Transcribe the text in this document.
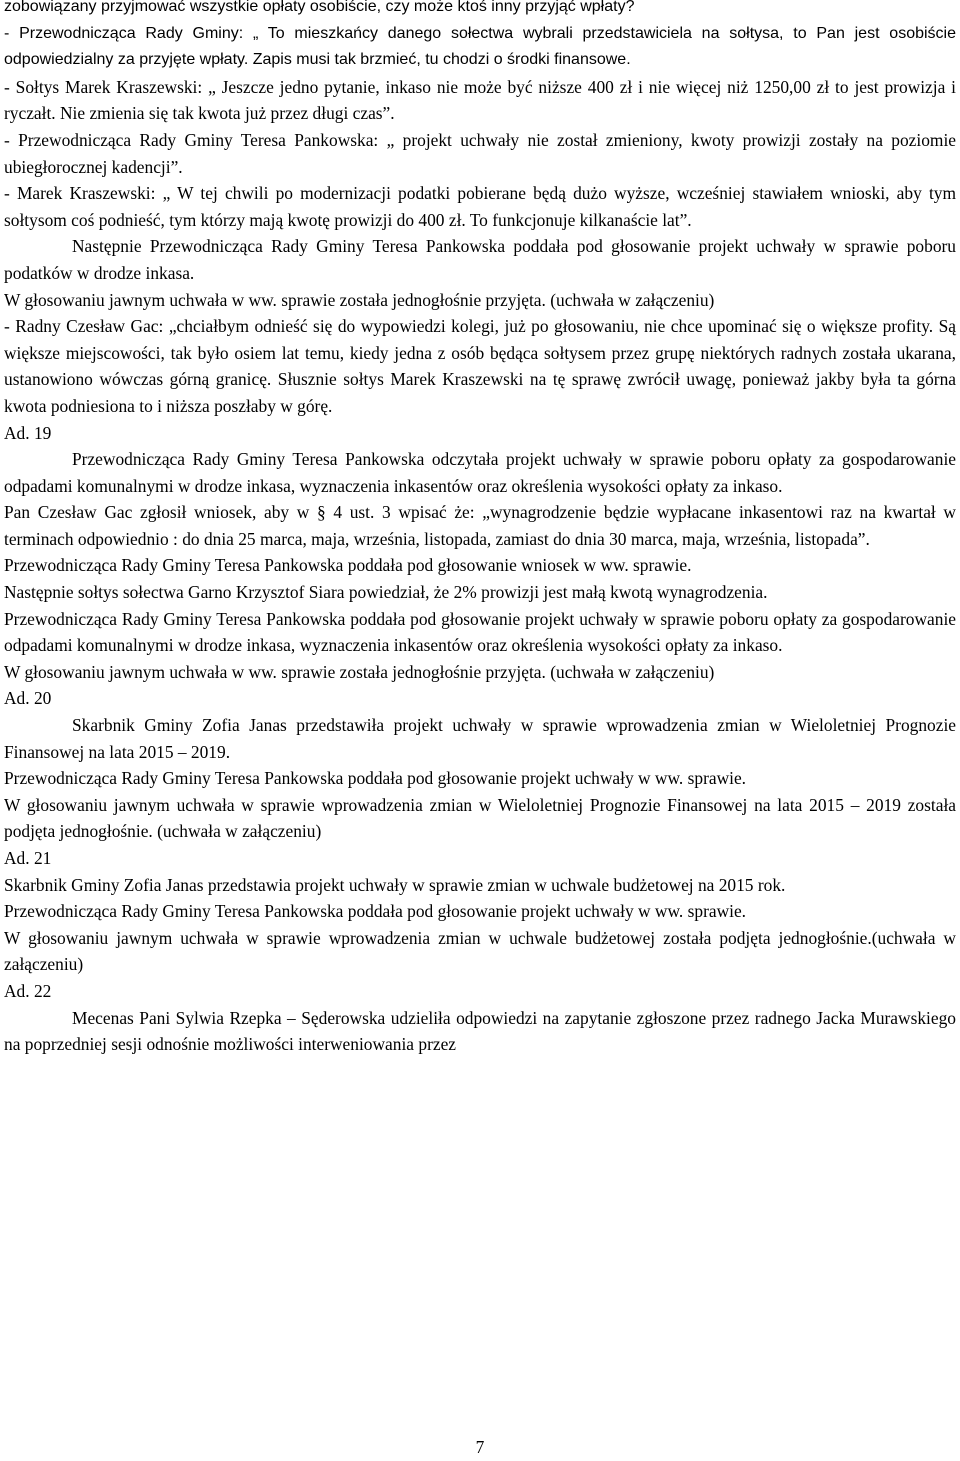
zobowiązany przyjmować wszystkie opłaty osobiście, czy może ktoś inny przyjąć wpłaty?

- Przewodnicząca Rady Gminy: „ To mieszkańcy danego sołectwa wybrali przedstawiciela na sołtysa, to Pan jest osobiście odpowiedzialny za przyjęte wpłaty. Zapis musi tak brzmieć, tu chodzi o środki finansowe.

- Sołtys Marek Kraszewski: „ Jeszcze jedno pytanie, inkaso nie może być niższe 400 zł i nie więcej niż 1250,00 zł to jest prowizja i ryczałt. Nie zmienia się tak kwota już przez długi czas”.

- Przewodnicząca Rady Gminy Teresa Pankowska: „ projekt uchwały nie został zmieniony, kwoty prowizji zostały na poziomie ubiegłorocznej kadencji”.

- Marek Kraszewski: „ W tej chwili po modernizacji podatki pobierane będą dużo wyższe, wcześniej stawiałem wnioski, aby tym sołtysom coś podnieść, tym którzy mają kwotę prowizji do 400 zł. To funkcjonuje kilkanaście lat”.

Następnie Przewodnicząca Rady Gminy Teresa Pankowska poddała pod głosowanie projekt uchwały w sprawie poboru podatków w drodze inkasa.

W głosowaniu jawnym uchwała w ww. sprawie została jednogłośnie przyjęta. (uchwała w załączeniu)

- Radny Czesław Gac: „chciałbym odnieść się do wypowiedzi kolegi, już po głosowaniu, nie chce upominać się o większe profity. Są większe miejscowości, tak było osiem lat temu, kiedy jedna z osób będąca sołtysem przez grupę niektórych radnych została ukarana, ustanowiono wówczas górną granicę. Słusznie sołtys Marek Kraszewski na tę sprawę zwrócił uwagę, ponieważ jakby była ta górna kwota podniesiona to i niższa poszłaby w górę.

Ad. 19

Przewodnicząca Rady Gminy Teresa Pankowska odczytała projekt uchwały w sprawie poboru opłaty za gospodarowanie odpadami komunalnymi w drodze inkasa, wyznaczenia inkasentów oraz określenia wysokości opłaty za inkaso.

Pan Czesław Gac zgłosił wniosek, aby w § 4 ust. 3 wpisać że: „wynagrodzenie będzie wypłacane inkasentowi raz na kwartał w terminach odpowiednio : do dnia 25 marca, maja, września, listopada, zamiast do dnia 30 marca, maja, września, listopada”.

Przewodnicząca Rady Gminy Teresa Pankowska poddała pod głosowanie wniosek w ww. sprawie.

Następnie sołtys sołectwa Garno Krzysztof Siara powiedział, że 2% prowizji jest małą kwotą wynagrodzenia.

Przewodnicząca Rady Gminy Teresa Pankowska poddała pod głosowanie projekt uchwały w sprawie poboru opłaty za gospodarowanie odpadami komunalnymi w drodze inkasa, wyznaczenia inkasentów oraz określenia wysokości opłaty za inkaso.

W głosowaniu jawnym uchwała w ww. sprawie została jednogłośnie przyjęta. (uchwała w załączeniu)

Ad. 20

Skarbnik Gminy Zofia Janas przedstawiła projekt uchwały w sprawie wprowadzenia zmian w Wieloletniej Prognozie Finansowej na lata 2015 – 2019.

Przewodnicząca Rady Gminy Teresa Pankowska poddała pod głosowanie projekt uchwały w ww. sprawie.

W głosowaniu jawnym uchwała w sprawie wprowadzenia zmian w Wieloletniej Prognozie Finansowej na lata 2015 – 2019 została podjęta jednogłośnie. (uchwała w załączeniu)

Ad. 21

Skarbnik Gminy Zofia Janas przedstawia projekt uchwały w sprawie zmian w uchwale budżetowej na 2015 rok.

Przewodnicząca Rady Gminy Teresa Pankowska poddała pod głosowanie projekt uchwały w ww. sprawie.

W głosowaniu jawnym uchwała w sprawie wprowadzenia zmian w uchwale budżetowej została podjęta jednogłośnie.(uchwała w załączeniu)

Ad. 22

Mecenas Pani Sylwia Rzepka – Sęderowska udzieliła odpowiedzi na zapytanie zgłoszone przez radnego Jacka Murawskiego na poprzedniej sesji odnośnie możliwości interweniowania przez

7
